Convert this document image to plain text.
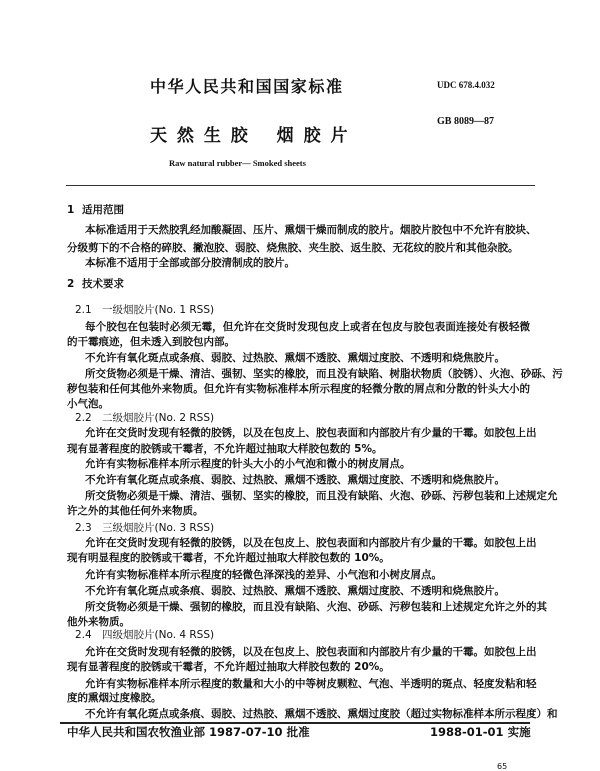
中华人民共和国国家标准	UDC 678.4.032
GB 8089—87
天 然 生 胶　 烟 胶 片
Raw natural rubber— Smoked sheets
1 适用范围
本标准适用于天然胶乳经加酸凝固、压片、熏烟干燥而制成的胶片。烟胶片胶包中不允许有胶块、
分级剪下的不合格的碎胶、撇泡胶、弱胶、烧焦胶、夹生胶、返生胶、无花纹的胶片和其他杂胶。
本标准不适用于全部或部分胶清制成的胶片。
2 技术要求
2.1 一级烟胶片(No. 1 RSS)
每个胶包在包装时必须无霉，但允许在交货时发现包皮上或者在包皮与胶包表面连接处有极轻微
的干霉痕迹，但未透入到胶包内部。
不允许有氧化斑点或条痕、弱胶、过热胶、熏烟不透胶、熏烟过度胶、不透明和烧焦胶片。
所交货物必须是干燥、清洁、强韧、坚实的橡胶，而且没有缺陷、树脂状物质（胶锈）、火泡、砂砾、污
秽包装和任何其他外来物质。但允许有实物标准样本所示程度的轻微分散的屑点和分散的针头大小的
小气泡。
2.2 二级烟胶片(No. 2 RSS)
允许在交货时发现有轻微的胶锈，以及在包皮上、胶包表面和内部胶片有少量的干霉。如胶包上出
现有显著程度的胶锈或干霉者，不允许超过抽取大样胶包数的 5%。
允许有实物标准样本所示程度的针头大小的小气泡和微小的树皮屑点。
不允许有氧化斑点或条痕、弱胶、过热胶、熏烟不透胶、熏烟过度胶、不透明和烧焦胶片。
所交货物必须是干燥、清洁、强韧、坚实的橡胶，而且没有缺陷、火泡、砂砾、污秽包装和上述规定允
许之外的其他任何外来物质。
2.3 三级烟胶片(No. 3 RSS)
允许在交货时发现有轻微的胶锈，以及在包皮上、胶包表面和内部胶片有少量的干霉。如胶包上出
现有明显程度的胶锈或干霉者，不允许超过抽取大样胶包数的 10%。
允许有实物标准样本所示程度的轻微色泽深浅的差异、小气泡和小树皮屑点。
不允许有氧化斑点或条痕、弱胶、过热胶、熏烟不透胶、熏烟过度胶、不透明和烧焦胶片。
所交货物必须是干燥、强韧的橡胶，而且没有缺陷、火泡、砂砾、污秽包装和上述规定允许之外的其
他外来物质。
2.4 四级烟胶片(No. 4 RSS)
允许在交货时发现有轻微的胶锈，以及在包皮上、胶包表面和内部胶片有少量的干霉。如胶包上出
现有显著程度的胶锈或干霉者，不允许超过抽取大样胶包数的 20%。
允许有实物标准样本所示程度的数量和大小的中等树皮颗粒、气泡、半透明的斑点、轻度发粘和轻
度的熏烟过度橡胶。
不允许有氧化斑点或条痕、弱胶、过热胶、熏烟不透胶、熏烟过度胶（超过实物标准样本所示程度）和
中华人民共和国农牧渔业部 1987-07-10 批准	1988-01-01 实施
65
